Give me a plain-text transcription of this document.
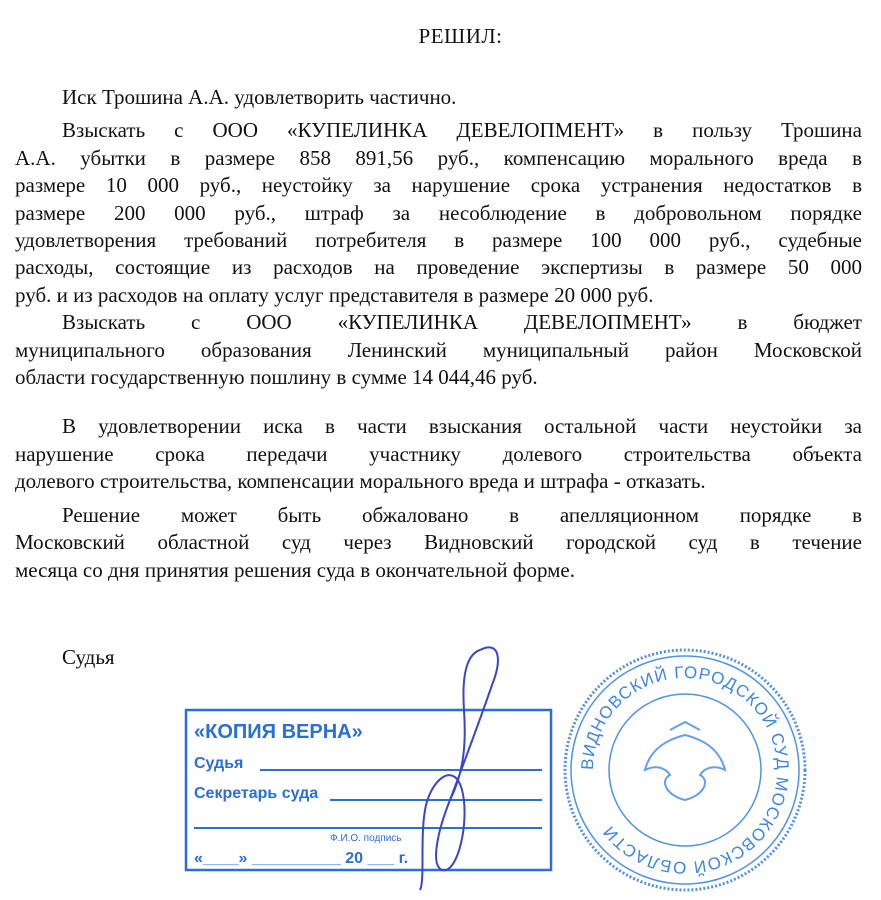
РЕШИЛ:
Иск Трошина А.А. удовлетворить частично.
Взыскать с ООО «КУПЕЛИНКА ДЕВЕЛОПМЕНТ» в пользу Трошина
А.А. убытки в размере 858 891,56 руб., компенсацию морального вреда в
размере 10 000 руб., неустойку за нарушение срока устранения недостатков в
размере 200 000 руб., штраф за несоблюдение в добровольном порядке
удовлетворения требований потребителя в размере 100 000 руб., судебные
расходы, состоящие из расходов на проведение экспертизы в размере 50 000
руб. и из расходов на оплату услуг представителя в размере 20 000 руб.
Взыскать с ООО «КУПЕЛИНКА ДЕВЕЛОПМЕНТ» в бюджет
муниципального образования Ленинский муниципальный район Московской
области государственную пошлину в сумме 14 044,46 руб.
В удовлетворении иска в части взыскания остальной части неустойки за
нарушение срока передачи участнику долевого строительства объекта
долевого строительства, компенсации морального вреда и штрафа - отказать.
Решение может быть обжаловано в апелляционном порядке в
Московский областной суд через Видновский городской суд в течение
месяца со дня принятия решения суда в окончательной форме.
Судья
ВИДНОВСКИЙ ГОРОДСКОЙ СУД МОСКОВСКОЙ ОБЛАСТИ
«КОПИЯ ВЕРНА»
Судья
Секретарь суда
Ф.И.О. подпись
«____» __________ 20 ___ г.
